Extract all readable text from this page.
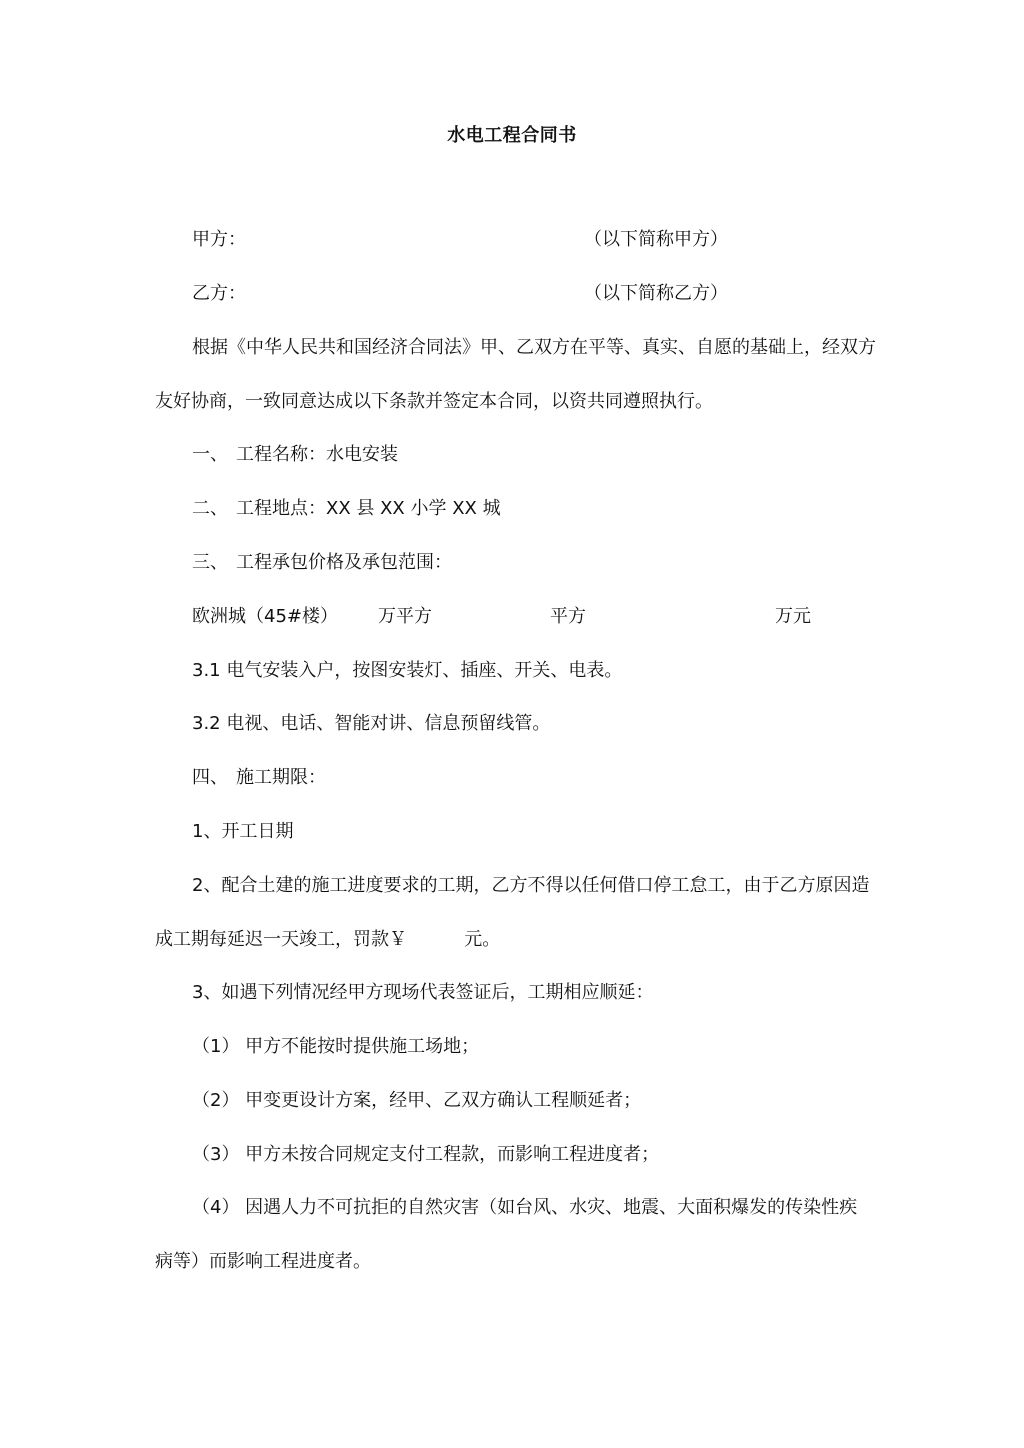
水电工程合同书
甲方：	（以下简称甲方）
乙方：	（以下简称乙方）
根据《中华人民共和国经济合同法》甲、乙双方在平等、真实、自愿的基础上，经双方
友好协商，一致同意达成以下条款并签定本合同，以资共同遵照执行。
一、 工程名称：水电安装
二、 工程地点：XX 县 XX 小学 XX 城
三、 工程承包价格及承包范围：
欧洲城（45#楼） 万平方	平方	万元
3.1 电气安装入户，按图安装灯、插座、开关、电表。
3.2 电视、电话、智能对讲、信息预留线管。
四、 施工期限：
1、开工日期
2、配合土建的施工进度要求的工期，乙方不得以任何借口停工怠工，由于乙方原因造
成工期每延迟一天竣工，罚款￥          元。
3、如遇下列情况经甲方现场代表签证后，工期相应顺延：
（1） 甲方不能按时提供施工场地；
（2） 甲变更设计方案，经甲、乙双方确认工程顺延者；
（3） 甲方未按合同规定支付工程款，而影响工程进度者；
（4） 因遇人力不可抗拒的自然灾害（如台风、水灾、地震、大面积爆发的传染性疾
病等）而影响工程进度者。
